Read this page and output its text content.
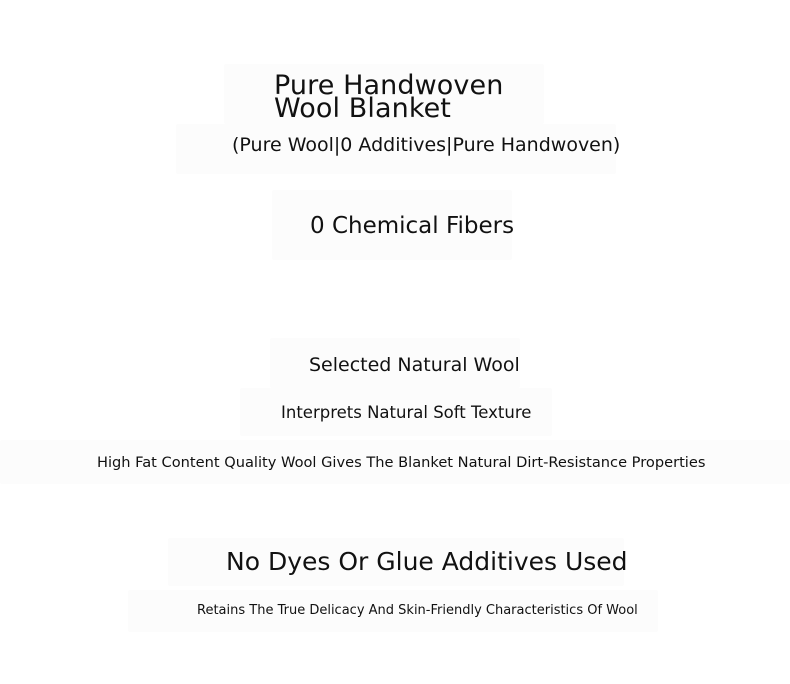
Pure Handwoven
Wool Blanket
(Pure Wool|0 Additives|Pure Handwoven)
0 Chemical Fibers
Selected Natural Wool
Interprets Natural Soft Texture
High Fat Content Quality Wool Gives The Blanket Natural Dirt-Resistance Properties
No Dyes Or Glue Additives Used
Retains The True Delicacy And Skin-Friendly Characteristics Of Wool
